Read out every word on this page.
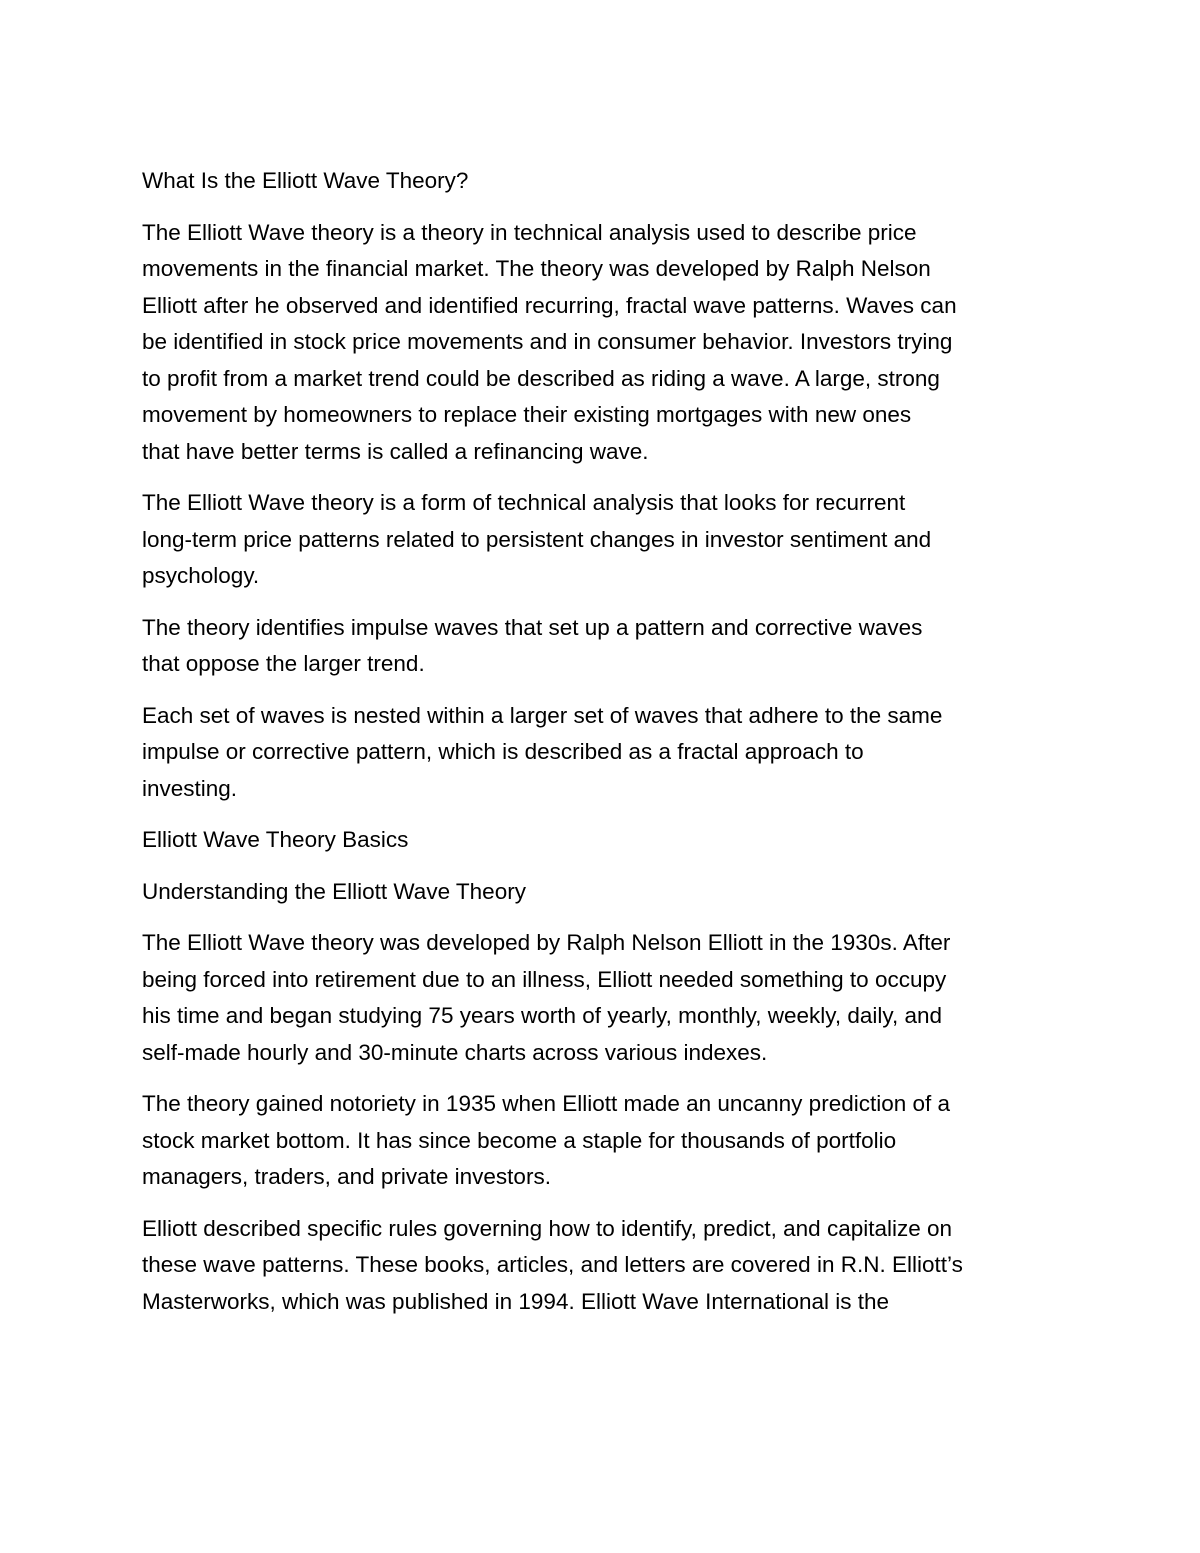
What Is the Elliott Wave Theory?

The Elliott Wave theory is a theory in technical analysis used to describe price
movements in the financial market. The theory was developed by Ralph Nelson
Elliott after he observed and identified recurring, fractal wave patterns. Waves can
be identified in stock price movements and in consumer behavior. Investors trying
to profit from a market trend could be described as riding a wave. A large, strong
movement by homeowners to replace their existing mortgages with new ones
that have better terms is called a refinancing wave.

The Elliott Wave theory is a form of technical analysis that looks for recurrent
long-term price patterns related to persistent changes in investor sentiment and
psychology.

The theory identifies impulse waves that set up a pattern and corrective waves
that oppose the larger trend.

Each set of waves is nested within a larger set of waves that adhere to the same
impulse or corrective pattern, which is described as a fractal approach to
investing.

Elliott Wave Theory Basics

Understanding the Elliott Wave Theory

The Elliott Wave theory was developed by Ralph Nelson Elliott in the 1930s. After
being forced into retirement due to an illness, Elliott needed something to occupy
his time and began studying 75 years worth of yearly, monthly, weekly, daily, and
self-made hourly and 30-minute charts across various indexes.

The theory gained notoriety in 1935 when Elliott made an uncanny prediction of a
stock market bottom. It has since become a staple for thousands of portfolio
managers, traders, and private investors.

Elliott described specific rules governing how to identify, predict, and capitalize on
these wave patterns. These books, articles, and letters are covered in R.N. Elliott’s
Masterworks, which was published in 1994. Elliott Wave International is the
